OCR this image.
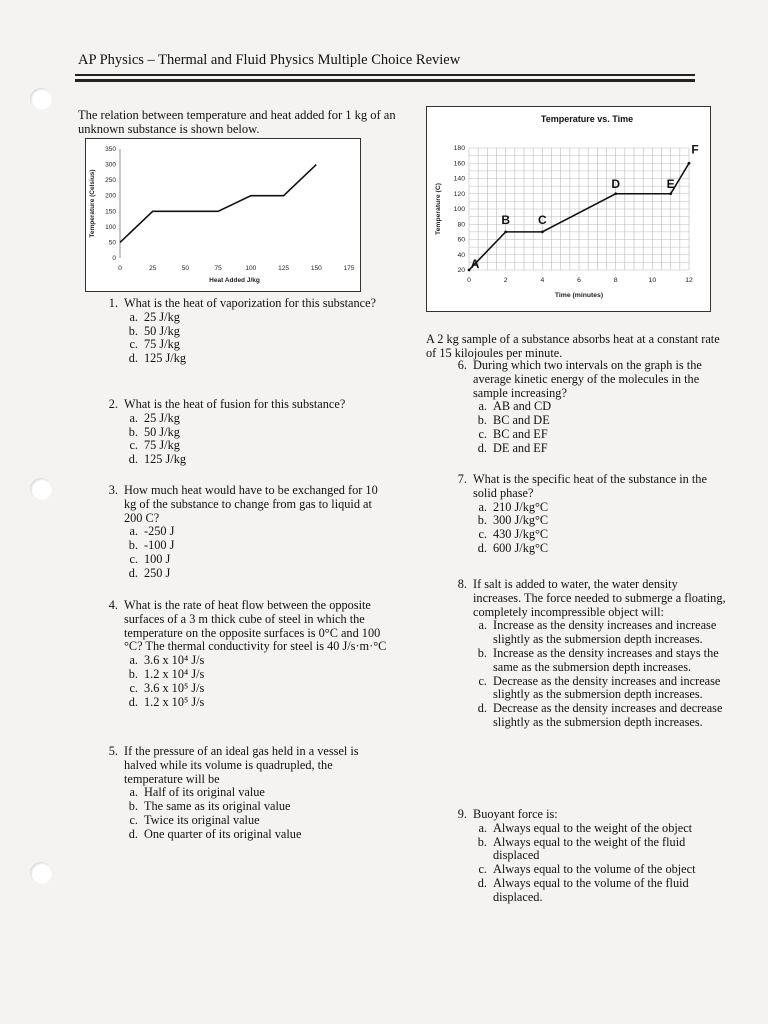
AP Physics – Thermal and Fluid Physics Multiple Choice Review
The relation between temperature and heat added for 1 kg of an unknown substance is shown below.
0	25	50	75	100	125	150	175
0
50
100
150
200
250
300
350
Heat Added J/kg
Temperature (Celsius)
0	2	4	6	8	10	12
20
40
60
80
100
120
140
160
180
Time (minutes)
Temperature (C)
Temperature vs. Time
A
B C
D	E
F
1. What is the heat of vaporization for this substance?
a. 25 J/kg
b. 50 J/kg
c. 75 J/kg
d. 125 J/kg
2. What is the heat of fusion for this substance?
a. 25 J/kg
b. 50 J/kg
c. 75 J/kg
d. 125 J/kg
3. How much heat would have to be exchanged for 10 kg of the substance to change from gas to liquid at 200 C?
a. -250 J
b. -100 J
c. 100 J
d. 250 J
4. What is the rate of heat flow between the opposite surfaces of a 3 m thick cube of steel in which the temperature on the opposite surfaces is 0°C and 100 °C? The thermal conductivity for steel is 40 J/s·m·°C
a. 3.6 x 10⁴ J/s
b. 1.2 x 10⁴ J/s
c. 3.6 x 10⁵ J/s
d. 1.2 x 10⁵ J/s
5. If the pressure of an ideal gas held in a vessel is halved while its volume is quadrupled, the temperature will be
a. Half of its original value
b. The same as its original value
c. Twice its original value
d. One quarter of its original value
A 2 kg sample of a substance absorbs heat at a constant rate of 15 kilojoules per minute.
6. During which two intervals on the graph is the average kinetic energy of the molecules in the sample increasing?
a. AB and CD
b. BC and DE
c. BC and EF
d. DE and EF
7. What is the specific heat of the substance in the solid phase?
a. 210 J/kg°C
b. 300 J/kg°C
c. 430 J/kg°C
d. 600 J/kg°C
8. If salt is added to water, the water density increases. The force needed to submerge a floating, completely incompressible object will:
a. Increase as the density increases and increase slightly as the submersion depth increases.
b. Increase as the density increases and stays the same as the submersion depth increases.
c. Decrease as the density increases and increase slightly as the submersion depth increases.
d. Decrease as the density increases and decrease slightly as the submersion depth increases.
9. Buoyant force is:
a. Always equal to the weight of the object
b. Always equal to the weight of the fluid displaced
c. Always equal to the volume of the object
d. Always equal to the volume of the fluid displaced.
